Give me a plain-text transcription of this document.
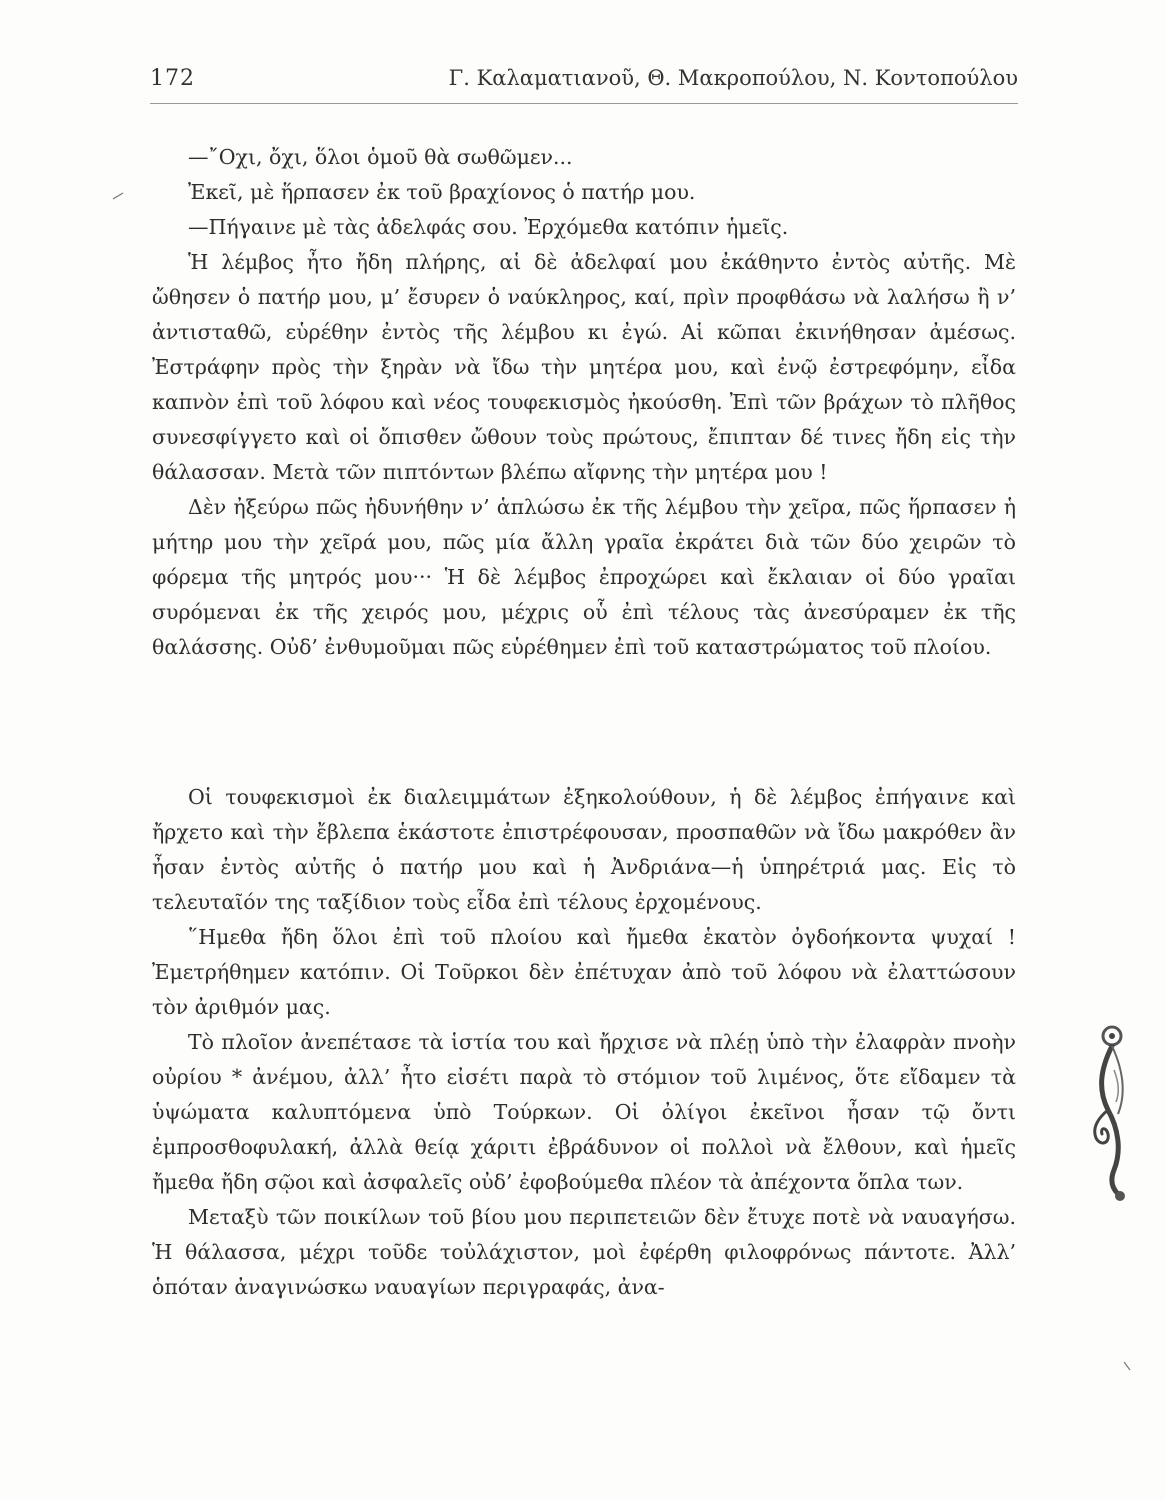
172	Γ. Καλαματιανοῦ, Θ. Μακροπούλου, Ν. Κοντοπούλου

—῎Οχι, ὄχι, ὅλοι ὁμοῦ θὰ σωθῶμεν...

Ἐκεῖ, μὲ ἥρπασεν ἐκ τοῦ βραχίονος ὁ πατήρ μου.

—Πήγαινε μὲ τὰς ἀδελφάς σου. Ἐρχόμεθα κατόπιν ἡμεῖς.

Ἡ λέμβος ἦτο ἤδη πλήρης, αἱ δὲ ἀδελφαί μου ἐκάθηντο ἐντὸς αὐτῆς. Μὲ ὤθησεν ὁ πατήρ μου, μ’ ἔσυρεν ὁ ναύκληρος, καί, πρὶν προφθάσω νὰ λαλήσω ἢ ν’ ἀντισταθῶ, εὑρέθην ἐντὸς τῆς λέμβου κι ἐγώ. Αἱ κῶπαι ἐκινήθησαν ἀμέσως. Ἐστράφην πρὸς τὴν ξηρὰν νὰ ἴδω τὴν μητέρα μου, καὶ ἐνῷ ἐστρεφόμην, εἶδα καπνὸν ἐπὶ τοῦ λόφου καὶ νέος τουφεκισμὸς ἠκούσθη. Ἐπὶ τῶν βράχων τὸ πλῆθος συνεσφίγγετο καὶ οἱ ὄπισθεν ὤθουν τοὺς πρώτους, ἔπιπταν δέ τινες ἤδη εἰς τὴν θάλασσαν. Μετὰ τῶν πιπτόντων βλέπω αἴφνης τὴν μητέρα μου !

Δὲν ἠξεύρω πῶς ἠδυνήθην ν’ ἁπλώσω ἐκ τῆς λέμβου τὴν χεῖρα, πῶς ἥρπασεν ἡ μήτηρ μου τὴν χεῖρά μου, πῶς μία ἄλλη γραῖα ἐκράτει διὰ τῶν δύο χειρῶν τὸ φόρεμα τῆς μητρός μου··· Ἡ δὲ λέμβος ἐπροχώρει καὶ ἔκλαιαν οἱ δύο γραῖαι συρόμεναι ἐκ τῆς χειρός μου, μέχρις οὗ ἐπὶ τέλους τὰς ἀνεσύραμεν ἐκ τῆς θαλάσσης. Οὐδ’ ἐνθυμοῦμαι πῶς εὑρέθημεν ἐπὶ τοῦ καταστρώματος τοῦ πλοίου.

Οἱ τουφεκισμοὶ ἐκ διαλειμμάτων ἐξηκολούθουν, ἡ δὲ λέμβος ἐπήγαινε καὶ ἤρχετο καὶ τὴν ἔβλεπα ἑκάστοτε ἐπιστρέφουσαν, προσπαθῶν νὰ ἴδω μακρόθεν ἂν ἦσαν ἐντὸς αὐτῆς ὁ πατήρ μου καὶ ἡ Ἀνδριάνα—ἡ ὑπηρέτριά μας. Εἰς τὸ τελευταῖόν της ταξίδιον τοὺς εἶδα ἐπὶ τέλους ἐρχομένους.

῞Ημεθα ἤδη ὅλοι ἐπὶ τοῦ πλοίου καὶ ἤμεθα ἑκατὸν ὀγδοήκοντα ψυχαί ! Ἐμετρήθημεν κατόπιν. Οἱ Τοῦρκοι δὲν ἐπέτυχαν ἀπὸ τοῦ λόφου νὰ ἐλαττώσουν τὸν ἀριθμόν μας.

Τὸ πλοῖον ἀνεπέτασε τὰ ἱστία του καὶ ἤρχισε νὰ πλέῃ ὑπὸ τὴν ἐλαφρὰν πνοὴν οὐρίου * ἀνέμου, ἀλλ’ ἦτο εἰσέτι παρὰ τὸ στόμιον τοῦ λιμένος, ὅτε εἴδαμεν τὰ ὑψώματα καλυπτόμενα ὑπὸ Τούρκων. Οἱ ὀλίγοι ἐκεῖνοι ἦσαν τῷ ὄντι ἐμπροσθοφυλακή, ἀλλὰ θείᾳ χάριτι ἐβράδυνον οἱ πολλοὶ νὰ ἔλθουν, καὶ ἡμεῖς ἤμεθα ἤδη σῷοι καὶ ἀσφαλεῖς οὐδ’ ἐφοβούμεθα πλέον τὰ ἀπέχοντα ὅπλα των.

Μεταξὺ τῶν ποικίλων τοῦ βίου μου περιπετειῶν δὲν ἔτυχε ποτὲ νὰ ναυαγήσω. Ἡ θάλασσα, μέχρι τοῦδε τοὐλάχιστον, μοὶ ἐφέρθη φιλοφρόνως πάντοτε. Ἀλλ’ ὁπόταν ἀναγινώσκω ναυαγίων περιγραφάς, ἀνα-
